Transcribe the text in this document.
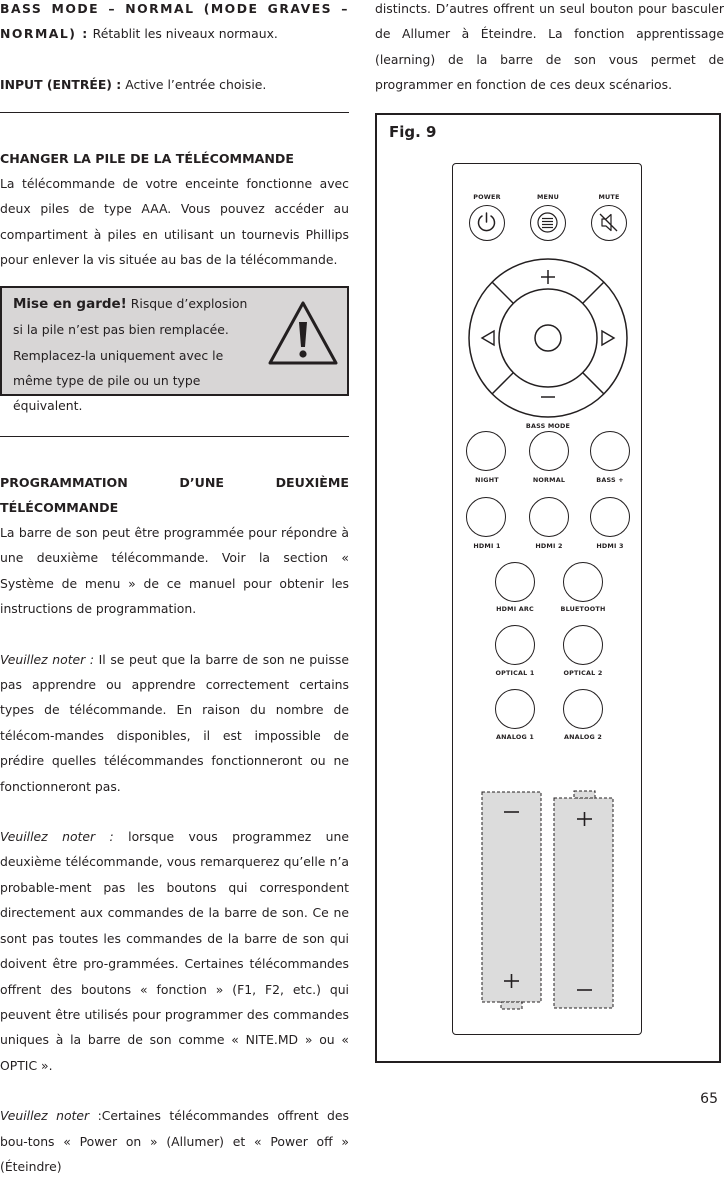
BASS MODE – NORMAL (MODE GRAVES – NORMAL) : Rétablit les niveaux normaux.

INPUT (ENTRÉE) : Active l’entrée choisie.

CHANGER LA PILE DE LA TÉLÉCOMMANDE

La télécommande de votre enceinte fonctionne avec deux piles de type AAA. Vous pouvez accéder au compartiment à piles en utilisant un tournevis Phillips pour enlever la vis située au bas de la télécommande.

Mise en garde! Risque d’explosion si la pile n’est pas bien remplacée. Remplacez-la uniquement avec le même type de pile ou un type équivalent.

PROGRAMMATION D’UNE DEUXIÈME TÉLÉCOMMANDE

La barre de son peut être programmée pour répondre à une deuxième télécommande. Voir la section « Système de menu » de ce manuel pour obtenir les instructions de programmation.

Veuillez noter : Il se peut que la barre de son ne puisse pas apprendre ou apprendre correctement certains types de télécommande. En raison du nombre de télécom-mandes disponibles, il est impossible de prédire quelles télécommandes fonctionneront ou ne fonctionneront pas.

Veuillez noter : lorsque vous programmez une deuxième télécommande, vous remarquerez qu’elle n’a probable-ment pas les boutons qui correspondent directement aux commandes de la barre de son. Ce ne sont pas toutes les commandes de la barre de son qui doivent être pro-grammées. Certaines télécommandes offrent des boutons « fonction » (F1, F2, etc.) qui peuvent être utilisés pour programmer des commandes uniques à la barre de son comme « NITE.MD » ou « OPTIC ».

Veuillez noter :Certaines télécommandes offrent des bou-tons « Power on » (Allumer) et « Power off » (Éteindre)

distincts. D’autres offrent un seul bouton pour basculer de Allumer à Éteindre. La fonction apprentissage (learning) de la barre de son vous permet de programmer en fonction de ces deux scénarios.

Fig. 9
POWER	MENU	MUTE
BASS MODE
NIGHT	NORMAL	BASS +
HDMI 1	HDMI 2	HDMI 3
HDMI ARC	BLUETOOTH
OPTICAL 1	OPTICAL 2
ANALOG 1	ANALOG 2
65
